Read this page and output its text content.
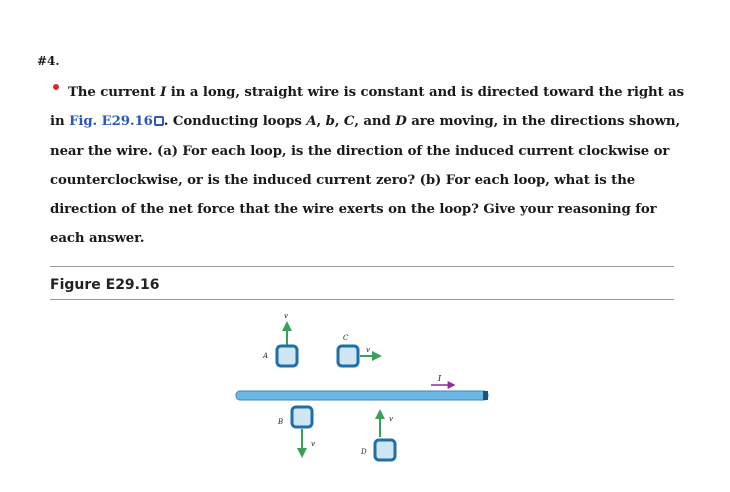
#4.
The current I in a long, straight wire is constant and is directed toward the right as
in Fig. E29.16 . Conducting loops A, b, C, and D are moving, in the directions shown,
near the wire. (a) For each loop, is the direction of the induced current clockwise or
counterclockwise, or is the induced current zero? (b) For each loop, what is the
direction of the net force that the wire exerts on the loop? Give your reasoning for
each answer.
Figure E29.16
I
v
A
C
v
B
v
v
D
